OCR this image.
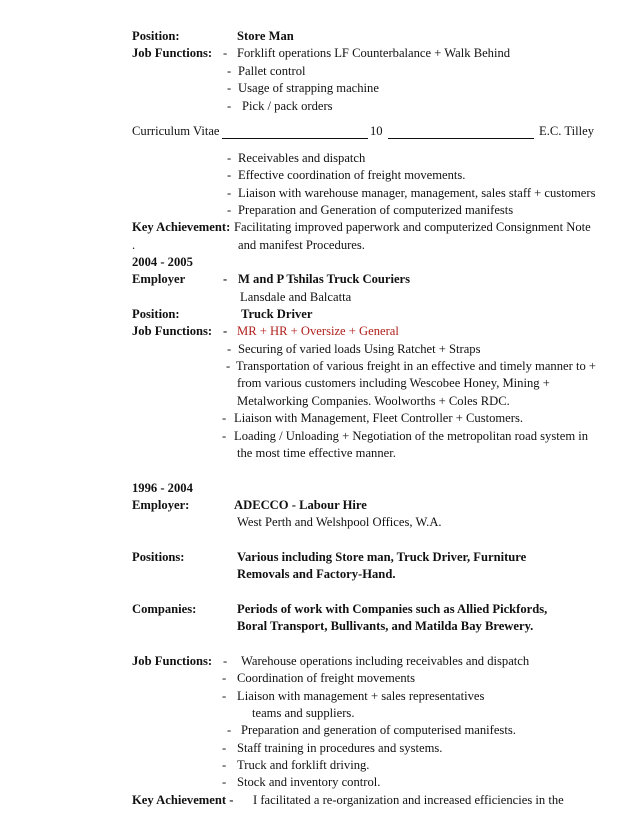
Position:	Store Man
Job Functions: - Forklift operations LF Counterbalance + Walk Behind
- Pallet control
- Usage of strapping machine
- Pick / pack orders
Curriculum Vitae	10	E.C. Tilley
- Receivables and dispatch
- Effective coordination of freight movements.
- Liaison with warehouse manager, management, sales staff + customers
- Preparation and Generation of computerized manifests
Key Achievement: Facilitating improved paperwork and computerized Consignment Note
.	and manifest Procedures.
2004 - 2005
Employer	- M and P Tshilas Truck Couriers
Lansdale and Balcatta
Position:	Truck Driver
Job Functions: - MR + HR + Oversize + General
- Securing of varied loads Using Ratchet + Straps
- Transportation of various freight in an effective and timely manner to +
from various customers including Wescobee Honey, Mining +
Metalworking Companies. Woolworths + Coles RDC.
- Liaison with Management, Fleet Controller + Customers.
- Loading / Unloading + Negotiation of the metropolitan road system in
the most time effective manner.
1996 - 2004
Employer:	ADECCO - Labour Hire
West Perth and Welshpool Offices, W.A.
Positions:	Various including Store man, Truck Driver, Furniture
Removals and Factory-Hand.
Companies:	Periods of work with Companies such as Allied Pickfords,
Boral Transport, Bullivants, and Matilda Bay Brewery.
Job Functions: - Warehouse operations including receivables and dispatch
- Coordination of freight movements
- Liaison with management + sales representatives
teams and suppliers.
- Preparation and generation of computerised manifests.
- Staff training in procedures and systems.
- Truck and forklift driving.
- Stock and inventory control.
Key Achievement - I facilitated a re-organization and increased efficiencies in the
